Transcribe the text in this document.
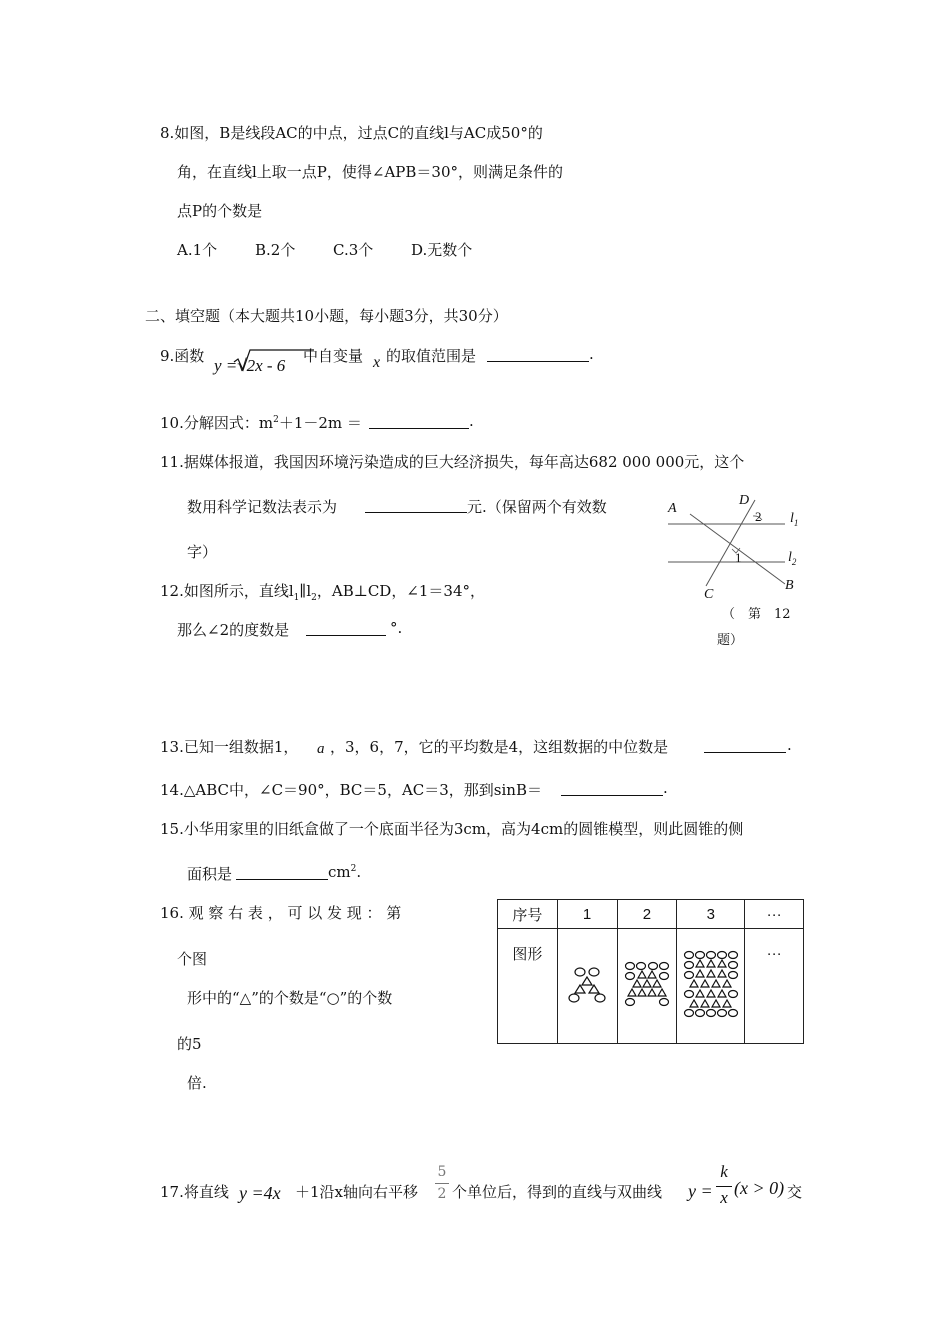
8.如图，B是线段AC的中点，过点C的直线l与AC成50°的
角，在直线l上取一点P，使得∠APB＝30°，则满足条件的
点P的个数是
A.1个	B.2个	C.3个	D.无数个
二、填空题（本大题共10小题，每小题3分，共30分）
9.函数 y =√2x - 6 中自变量 x 的取值范围是	.
10.分解因式：$m^2+1-2m$ ＝	.
11.据媒体报道，我国因环境污染造成的巨大经济损失，每年高达682 000 000元，这个
数用科学记数法表示为	元.（保留两个有效数
字）
12.如图所示，直线$l_1\parallel l_2$，AB⊥CD，∠1＝34°，
那么∠2的度数是	°.
A
D
2 $l_1$
1	$l_2$
B
C
（　第　12
题）
13.已知一组数据1， a ，3，6，7，它的平均数是4，这组数据的中位数是	.
14.△ABC中，∠C＝90°，BC＝5，AC＝3，那到sinB＝	.
15.小华用家里的旧纸盒做了一个底面半径为3cm，高为4cm的圆锥模型，则此圆锥的侧
面积是	$cm^2$.
16. 观 察 右 表 ， 可 以 发 现 ： 第
个图
形中的“△”的个数是“○”的个数
的5
倍.
序号	1	2	3	···
图形				···
17.将直线 y =4x ＋1沿x轴向右平移
5
2 个单位后，得到的直线与双曲线 y =
k
x (x > 0) 交
